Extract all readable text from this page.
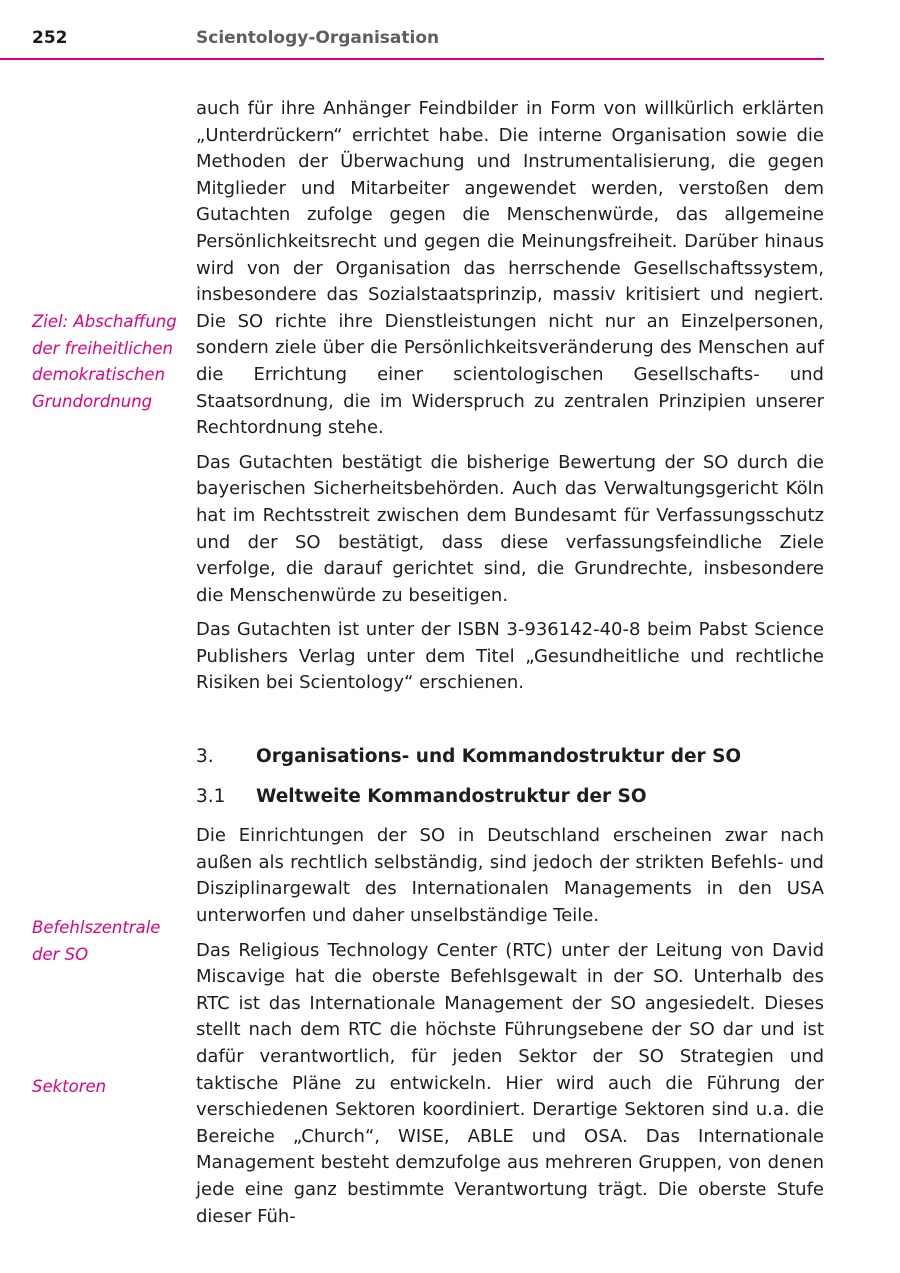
252	Scientology-Organisation
Ziel: Abschaffung der freiheitlichen demokratischen Grundordnung
Befehlszentrale der SO
Sektoren

auch für ihre Anhänger Feindbilder in Form von willkürlich erklärten „Unterdrückern“ errichtet habe. Die interne Organisation sowie die Methoden der Überwachung und Instrumentalisierung, die gegen Mitglieder und Mitarbeiter angewendet werden, verstoßen dem Gutachten zufolge gegen die Menschenwürde, das allgemeine Persönlichkeitsrecht und gegen die Meinungsfreiheit. Darüber hinaus wird von der Organisation das herrschende Gesellschaftssystem, insbesondere das Sozialstaatsprinzip, massiv kritisiert und negiert. Die SO richte ihre Dienstleistungen nicht nur an Einzelpersonen, sondern ziele über die Persönlichkeitsveränderung des Menschen auf die Errichtung einer scientologischen Gesellschafts- und Staatsordnung, die im Widerspruch zu zentralen Prinzipien unserer Rechtordnung stehe.

Das Gutachten bestätigt die bisherige Bewertung der SO durch die bayerischen Sicherheitsbehörden. Auch das Verwaltungsgericht Köln hat im Rechtsstreit zwischen dem Bundesamt für Verfassungsschutz und der SO bestätigt, dass diese verfassungsfeindliche Ziele verfolge, die darauf gerichtet sind, die Grundrechte, insbesondere die Menschenwürde zu beseitigen.

Das Gutachten ist unter der ISBN 3-936142-40-8 beim Pabst Science Publishers Verlag unter dem Titel „Gesundheitliche und rechtliche Risiken bei Scientology“ erschienen.

3.	Organisations- und Kommandostruktur der SO
3.1	Weltweite Kommandostruktur der SO

Die Einrichtungen der SO in Deutschland erscheinen zwar nach außen als rechtlich selbständig, sind jedoch der strikten Befehls- und Disziplinargewalt des Internationalen Managements in den USA unterworfen und daher unselbständige Teile.

Das Religious Technology Center (RTC) unter der Leitung von David Miscavige hat die oberste Befehlsgewalt in der SO. Unterhalb des RTC ist das Internationale Management der SO angesiedelt. Dieses stellt nach dem RTC die höchste Führungsebene der SO dar und ist dafür verantwortlich, für jeden Sektor der SO Strategien und taktische Pläne zu entwickeln. Hier wird auch die Führung der verschiedenen Sektoren koordiniert. Derartige Sektoren sind u.a. die Bereiche „Church“, WISE, ABLE und OSA. Das Internationale Management besteht demzufolge aus mehreren Gruppen, von denen jede eine ganz bestimmte Verantwortung trägt. Die oberste Stufe dieser Füh-
